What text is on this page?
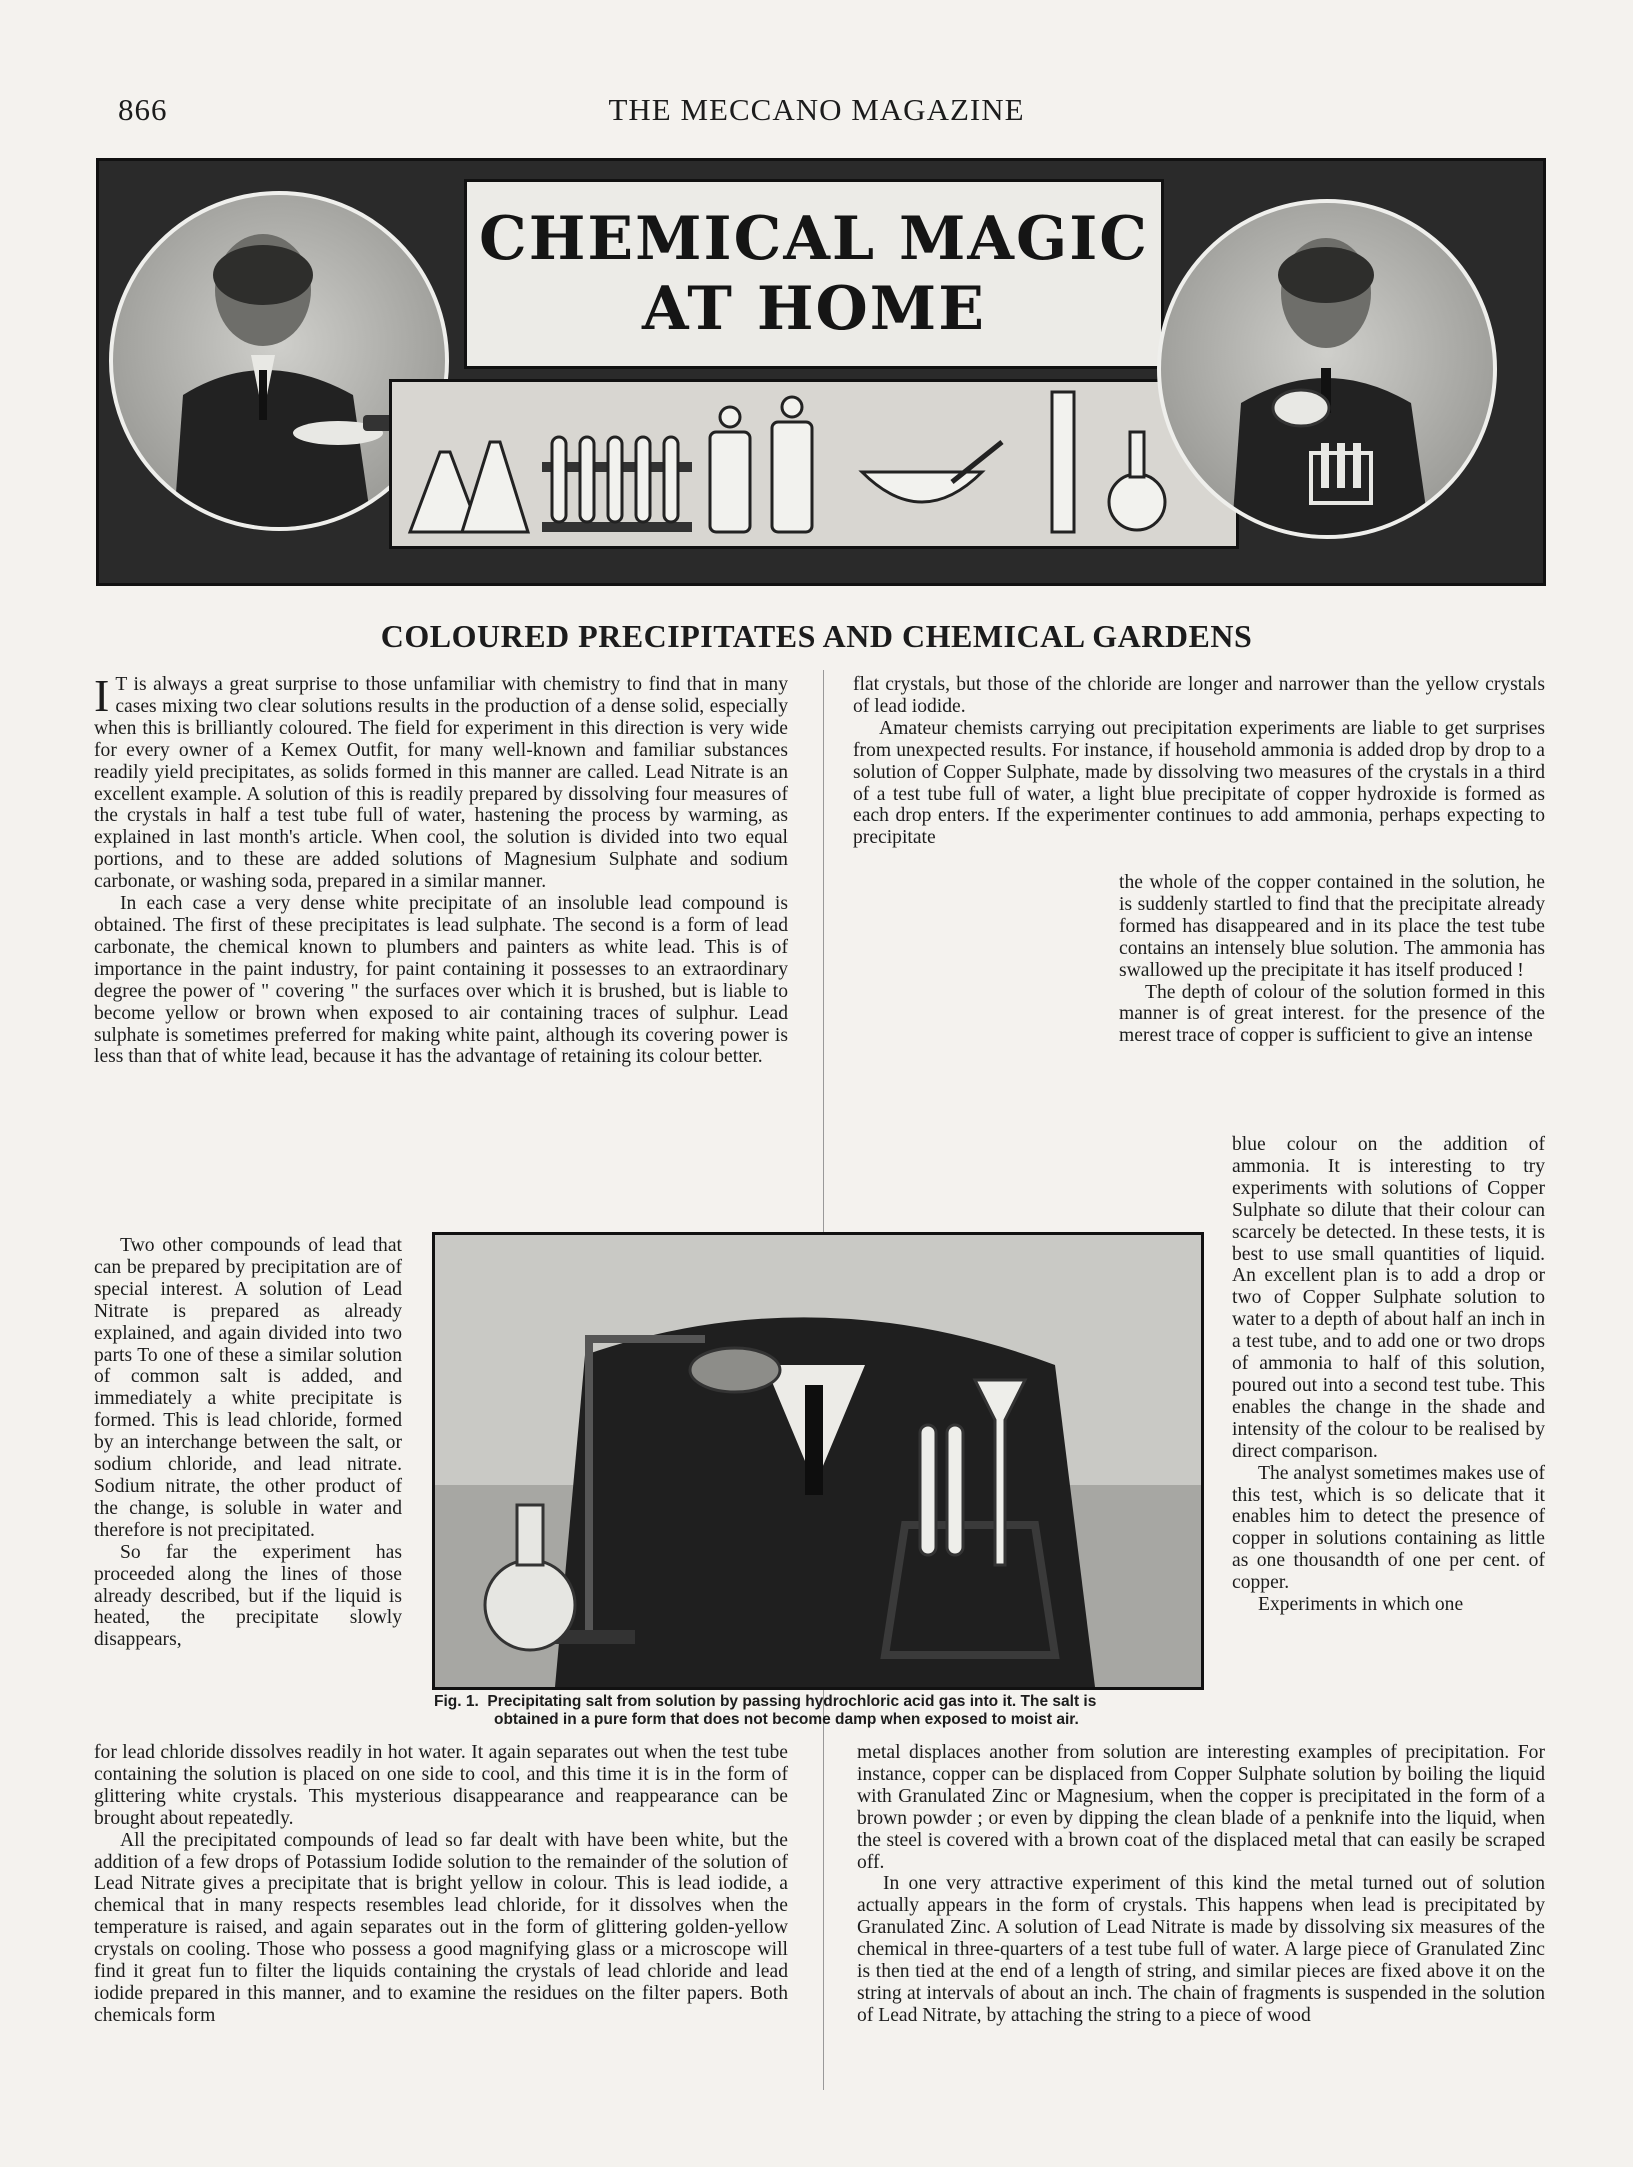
866	THE MECCANO MAGAZINE
CHEMICAL MAGIC
AT HOME
COLOURED PRECIPITATES AND CHEMICAL GARDENS

I T is always a great surprise to those unfamiliar with chemistry to find that in many cases mixing two clear solutions results in the production of a dense solid, especially when this is brilliantly coloured. The field for experiment in this direction is very wide for every owner of a Kemex Outfit, for many well-known and familiar substances readily yield precipitates, as solids formed in this manner are called. Lead Nitrate is an excellent example. A solution of this is readily prepared by dissolving four measures of the crystals in half a test tube full of water, hastening the process by warming, as explained in last month's article. When cool, the solution is divided into two equal portions, and to these are added solutions of Magnesium Sulphate and sodium carbonate, or washing soda, prepared in a similar manner.

In each case a very dense white precipitate of an insoluble lead compound is obtained. The first of these precipitates is lead sulphate. The second is a form of lead carbonate, the chemical known to plumbers and painters as white lead. This is of importance in the paint industry, for paint containing it possesses to an extraordinary degree the power of " covering " the surfaces over which it is brushed, but is liable to become yellow or brown when exposed to air containing traces of sulphur. Lead sulphate is sometimes preferred for making white paint, although its covering power is less than that of white lead, because it has the advantage of retaining its colour better.

Two other compounds of lead that can be prepared by precipitation are of special interest. A solution of Lead Nitrate is prepared as already explained, and again divided into two parts To one of these a similar solution of common salt is added, and immediately a white precipitate is formed. This is lead chloride, formed by an interchange between the salt, or sodium chloride, and lead nitrate. Sodium nitrate, the other product of the change, is soluble in water and therefore is not precipitated.

So far the experiment has proceeded along the lines of those already described, but if the liquid is heated, the precipitate slowly disappears,

for lead chloride dissolves readily in hot water. It again separates out when the test tube containing the solution is placed on one side to cool, and this time it is in the form of glittering white crystals. This mysterious disappearance and reappearance can be brought about repeatedly.

All the precipitated compounds of lead so far dealt with have been white, but the addition of a few drops of Potassium Iodide solution to the remainder of the solution of Lead Nitrate gives a precipitate that is bright yellow in colour. This is lead iodide, a chemical that in many respects resembles lead chloride, for it dissolves when the temperature is raised, and again separates out in the form of glittering golden-yellow crystals on cooling. Those who possess a good magnifying glass or a microscope will find it great fun to filter the liquids containing the crystals of lead chloride and lead iodide prepared in this manner, and to examine the residues on the filter papers. Both chemicals form

flat crystals, but those of the chloride are longer and narrower than the yellow crystals of lead iodide.

Amateur chemists carrying out precipitation experiments are liable to get surprises from unexpected results. For instance, if household ammonia is added drop by drop to a solution of Copper Sulphate, made by dissolving two measures of the crystals in a third of a test tube full of water, a light blue precipitate of copper hydroxide is formed as each drop enters. If the experimenter continues to add ammonia, perhaps expecting to precipitate

the whole of the copper contained in the solution, he is suddenly startled to find that the precipitate already formed has disappeared and in its place the test tube contains an intensely blue solution. The ammonia has swallowed up the precipitate it has itself produced !

The depth of colour of the solution formed in this manner is of great interest. for the presence of the merest trace of copper is sufficient to give an intense

blue colour on the addition of ammonia. It is interesting to try experiments with solutions of Copper Sulphate so dilute that their colour can scarcely be detected. In these tests, it is best to use small quantities of liquid. An excellent plan is to add a drop or two of Copper Sulphate solution to water to a depth of about half an inch in a test tube, and to add one or two drops of ammonia to half of this solution, poured out into a second test tube. This enables the change in the shade and intensity of the colour to be realised by direct comparison.

The analyst sometimes makes use of this test, which is so delicate that it enables him to detect the presence of copper in solutions containing as little as one thousandth of one per cent. of copper.

Experiments in which one

metal displaces another from solution are interesting examples of precipitation. For instance, copper can be displaced from Copper Sulphate solution by boiling the liquid with Granulated Zinc or Magnesium, when the copper is precipitated in the form of a brown powder ; or even by dipping the clean blade of a penknife into the liquid, when the steel is covered with a brown coat of the displaced metal that can easily be scraped off.

In one very attractive experiment of this kind the metal turned out of solution actually appears in the form of crystals. This happens when lead is precipitated by Granulated Zinc. A solution of Lead Nitrate is made by dissolving six measures of the chemical in three-quarters of a test tube full of water. A large piece of Granulated Zinc is then tied at the end of a length of string, and similar pieces are fixed above it on the string at intervals of about an inch. The chain of fragments is suspended in the solution of Lead Nitrate, by attaching the string to a piece of wood

Fig. 1. Precipitating salt from solution by passing hydrochloric acid gas into it. The salt is
obtained in a pure form that does not become damp when exposed to moist air.
